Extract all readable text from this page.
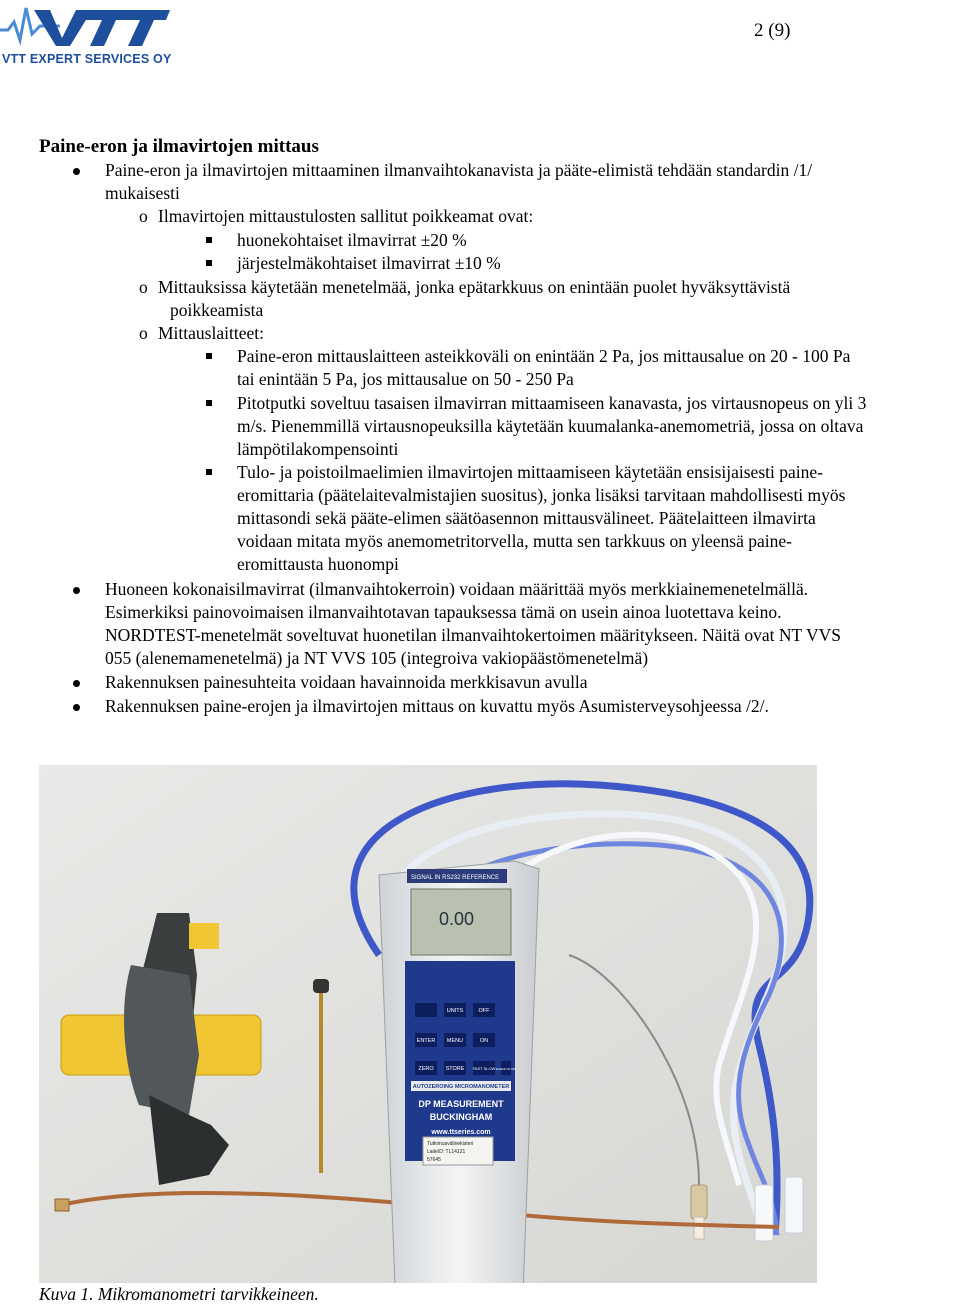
VTT EXPERT SERVICES OY
2 (9)
Paine-eron ja ilmavirtojen mittaus
Paine-eron ja ilmavirtojen mittaaminen ilmanvaihtokanavista ja pääte-elimistä tehdään standardin /1/
mukaisesti
o Ilmavirtojen mittaustulosten sallitut poikkeamat ovat:
huonekohtaiset ilmavirrat ±20 %
järjestelmäkohtaiset ilmavirrat ±10 %
o Mittauksissa käytetään menetelmää, jonka epätarkkuus on enintään puolet hyväksyttävistä
poikkeamista
o Mittauslaitteet:
Paine-eron mittauslaitteen asteikkoväli on enintään 2 Pa, jos mittausalue on 20 - 100 Pa
tai enintään 5 Pa, jos mittausalue on 50 - 250 Pa
Pitotputki soveltuu tasaisen ilmavirran mittaamiseen kanavasta, jos virtausnopeus on yli 3
m/s. Pienemmillä virtausnopeuksilla käytetään kuumalanka-anemometriä, jossa on oltava
lämpötilakompensointi
Tulo- ja poistoilmaelimien ilmavirtojen mittaamiseen käytetään ensisijaisesti paine-
eromittaria (päätelaitevalmistajien suositus), jonka lisäksi tarvitaan mahdollisesti myös
mittasondi sekä pääte-elimen säätöasennon mittausvälineet. Päätelaitteen ilmavirta
voidaan mitata myös anemometritorvella, mutta sen tarkkuus on yleensä paine-
eromittausta huonompi
Huoneen kokonaisilmavirrat (ilmanvaihtokerroin) voidaan määrittää myös merkkiainemenetelmällä.
Esimerkiksi painovoimaisen ilmanvaihtotavan tapauksessa tämä on usein ainoa luotettava keino.
NORDTEST-menetelmät soveltuvat huonetilan ilmanvaihtokertoimen määritykseen. Näitä ovat NT VVS
055 (alenemamenetelmä) ja NT VVS 105 (integroiva vakiopäästömenetelmä)
Rakennuksen painesuhteita voidaan havainnoida merkkisavun avulla
Rakennuksen paine-erojen ja ilmavirtojen mittaus on kuvattu myös Asumisterveysohjeessa /2/.
SIGNAL IN RS232 REFERENCE
0.00
UNITS	OFF
ENTER MENU	ON
ZERO STORE FAST SLOW ENABLE ON OFF
AUTOZEROING MICROMANOMETER
DP MEASUREMENT
BUCKINGHAM
www.ttseries.com
Tutkimusvälinekisteri
LaiteID: TL14121
57645
Kuva 1. Mikromanometri tarvikkeineen.
